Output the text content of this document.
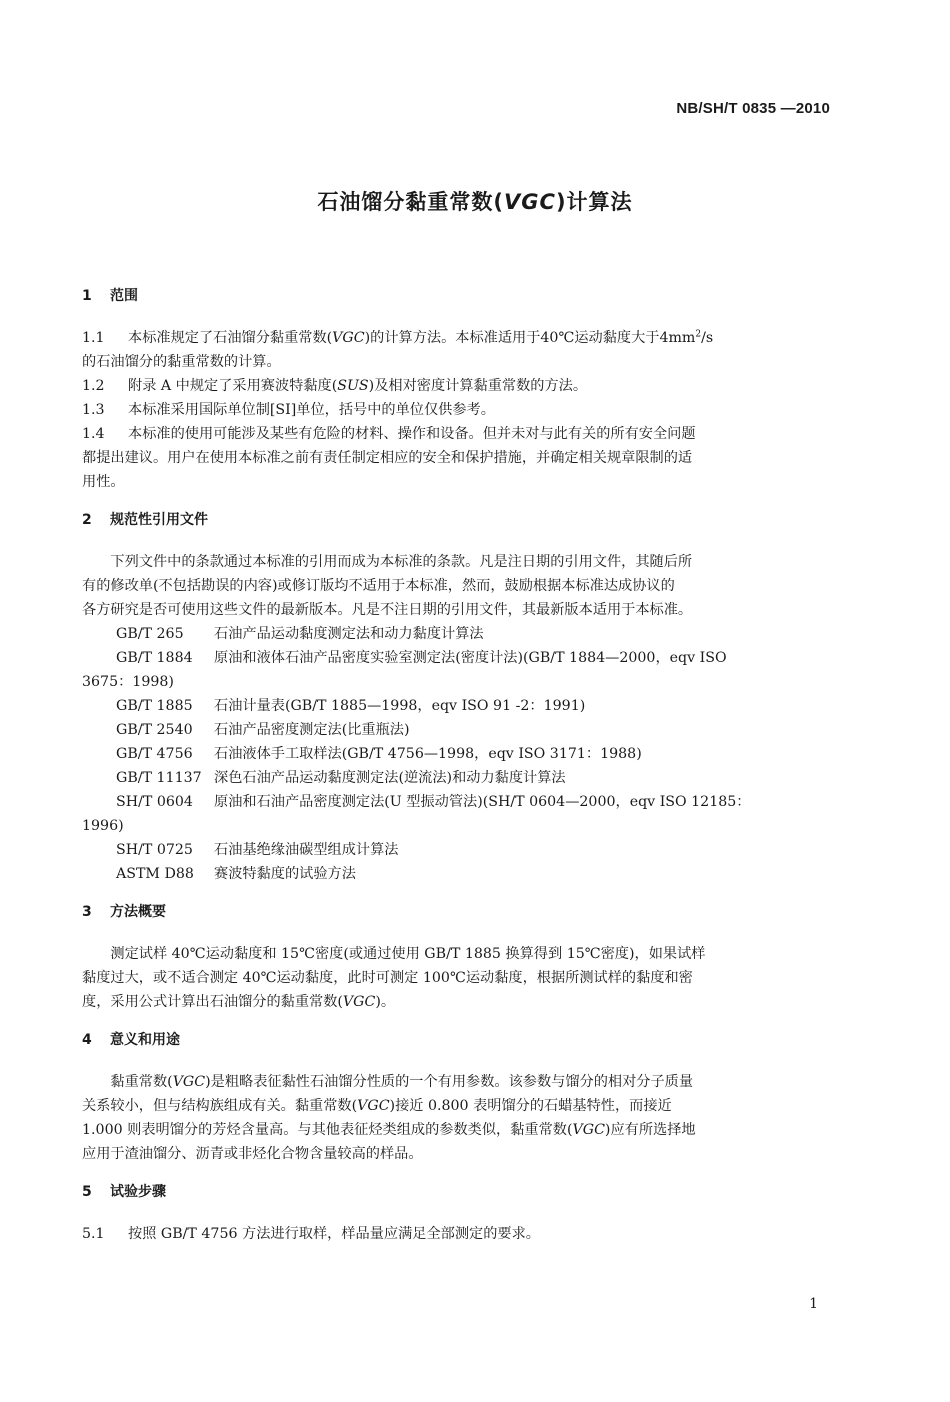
NB/SH/T 0835 —2010
石油馏分黏重常数(VGC)计算法

1 范围

1.1 本标准规定了石油馏分黏重常数(VGC)的计算方法。本标准适用于40℃运动黏度大于$4mm^2/s$

的石油馏分的黏重常数的计算。

1.2 附录 A 中规定了采用赛波特黏度(SUS)及相对密度计算黏重常数的方法。

1.3 本标准采用国际单位制[SI]单位，括号中的单位仅供参考。

1.4 本标准的使用可能涉及某些有危险的材料、操作和设备。但并未对与此有关的所有安全问题

都提出建议。用户在使用本标准之前有责任制定相应的安全和保护措施，并确定相关规章限制的适

用性。

2 规范性引用文件

下列文件中的条款通过本标准的引用而成为本标准的条款。凡是注日期的引用文件，其随后所

有的修改单(不包括勘误的内容)或修订版均不适用于本标准，然而，鼓励根据本标准达成协议的

各方研究是否可使用这些文件的最新版本。凡是不注日期的引用文件，其最新版本适用于本标准。

GB/T 265 石油产品运动黏度测定法和动力黏度计算法

GB/T 1884 原油和液体石油产品密度实验室测定法(密度计法)(GB/T 1884—2000，eqv ISO

3675：1998)

GB/T 1885 石油计量表(GB/T 1885—1998，eqv ISO 91 -2：1991)

GB/T 2540 石油产品密度测定法(比重瓶法)

GB/T 4756 石油液体手工取样法(GB/T 4756—1998，eqv ISO 3171：1988)

GB/T 11137 深色石油产品运动黏度测定法(逆流法)和动力黏度计算法

SH/T 0604 原油和石油产品密度测定法(U 型振动管法)(SH/T 0604—2000，eqv ISO 12185：

1996)

SH/T 0725 石油基绝缘油碳型组成计算法

ASTM D88 赛波特黏度的试验方法

3 方法概要

测定试样 40℃运动黏度和 15℃密度(或通过使用 GB/T 1885 换算得到 15℃密度)，如果试样

黏度过大，或不适合测定 40℃运动黏度，此时可测定 100℃运动黏度，根据所测试样的黏度和密

度，采用公式计算出石油馏分的黏重常数(VGC)。

4 意义和用途

黏重常数(VGC)是粗略表征黏性石油馏分性质的一个有用参数。该参数与馏分的相对分子质量

关系较小，但与结构族组成有关。黏重常数(VGC)接近 0.800 表明馏分的石蜡基特性，而接近

1.000 则表明馏分的芳烃含量高。与其他表征烃类组成的参数类似，黏重常数(VGC)应有所选择地

应用于渣油馏分、沥青或非烃化合物含量较高的样品。

5 试验步骤

5.1 按照 GB/T 4756 方法进行取样，样品量应满足全部测定的要求。

1
